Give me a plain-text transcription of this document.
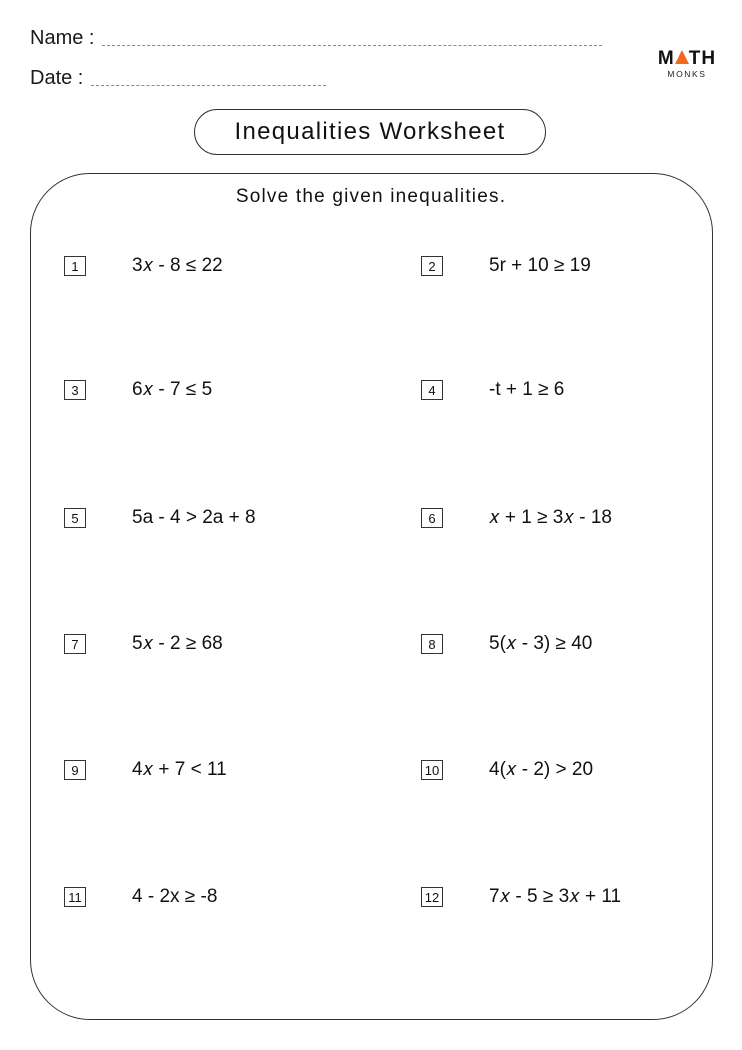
Name :
Date :
M TH
MONKS
Inequalities Worksheet
Solve the given inequalities.
1	3𝑥 - 8 ≤ 22	2	5r + 10 ≥ 19
3	6𝑥 - 7 ≤ 5	4	-t + 1 ≥ 6
5	5a - 4 > 2a + 8	6	𝑥 + 1 ≥ 3𝑥 - 18
7	5𝑥 - 2 ≥ 68	8	5(𝑥 - 3) ≥ 40
9	4𝑥 + 7 < 11	10	4(𝑥 - 2) > 20
11	4 - 2x ≥ -8	12	7𝑥 - 5 ≥ 3𝑥 + 11
